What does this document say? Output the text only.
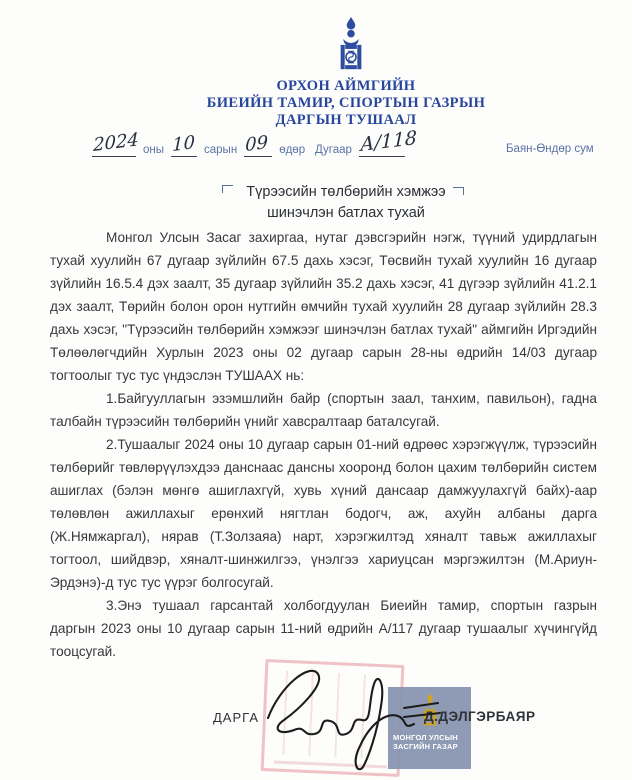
ОРХОН АЙМГИЙН
БИЕИЙН ТАМИР, СПОРТЫН ГАЗРЫН
ДАРГЫН ТУШААЛ
2024 оны 10 сарын 09 өдөр Дугаар А/118	Баян-Өндөр сум
Түрээсийн төлбөрийн хэмжээ
шинэчлэн батлах тухай

Монгол Улсын Засаг захиргаа, нутаг дэвсгэрийн нэгж, түүний удирдлагын тухай хуулийн 67 дугаар зүйлийн 67.5 дахь хэсэг, Төсвийн тухай хуулийн 16 дугаар зүйлийн 16.5.4 дэх заалт, 35 дугаар зүйлийн 35.2 дахь хэсэг, 41 дүгээр зүйлийн 41.2.1 дэх заалт, Төрийн болон орон нутгийн өмчийн тухай хуулийн 28 дугаар зүйлийн 28.3 дахь хэсэг, "Түрээсийн төлбөрийн хэмжээг шинэчлэн батлах тухай" аймгийн Иргэдийн Төлөөлөгчдийн Хурлын 2023 оны 02 дугаар сарын 28-ны өдрийн 14/03 дугаар тогтоолыг тус тус үндэслэн ТУШААХ нь:

1.Байгууллагын эзэмшлийн байр (спортын заал, танхим, павильон), гадна талбайн түрээсийн төлбөрийн үнийг хавсралтаар баталсугай.

2.Тушаалыг 2024 оны 10 дугаар сарын 01-ний өдрөөс хэрэгжүүлж, түрээсийн төлбөрийг төвлөрүүлэхдээ данснаас дансны хооронд болон цахим төлбөрийн систем ашиглах (бэлэн мөнгө ашиглахгүй, хувь хүний дансаар дамжуулахгүй байх)-аар төлөвлөн ажиллахыг ерөнхий нягтлан бодогч, аж, ахуйн албаны дарга (Ж.Нямжаргал), нярав (Т.Золзаяа) нарт, хэрэгжилтэд хяналт тавьж ажиллахыг тогтоол, шийдвэр, хяналт-шинжилгээ, үнэлгээ хариуцсан мэргэжилтэн (М.Ариун-Эрдэнэ)-д тус тус үүрэг болгосугай.

3.Энэ тушаал гарсантай холбогдуулан Биеийн тамир, спортын газрын даргын 2023 оны 10 дугаар сарын 11-ний өдрийн А/117 дугаар тушаалыг хүчингүйд тооцсугай.

МОНГОЛ УЛСЫН
ЗАСГИЙН ГАЗАР
ДАРГА	Д.ДЭЛГЭРБАЯР
